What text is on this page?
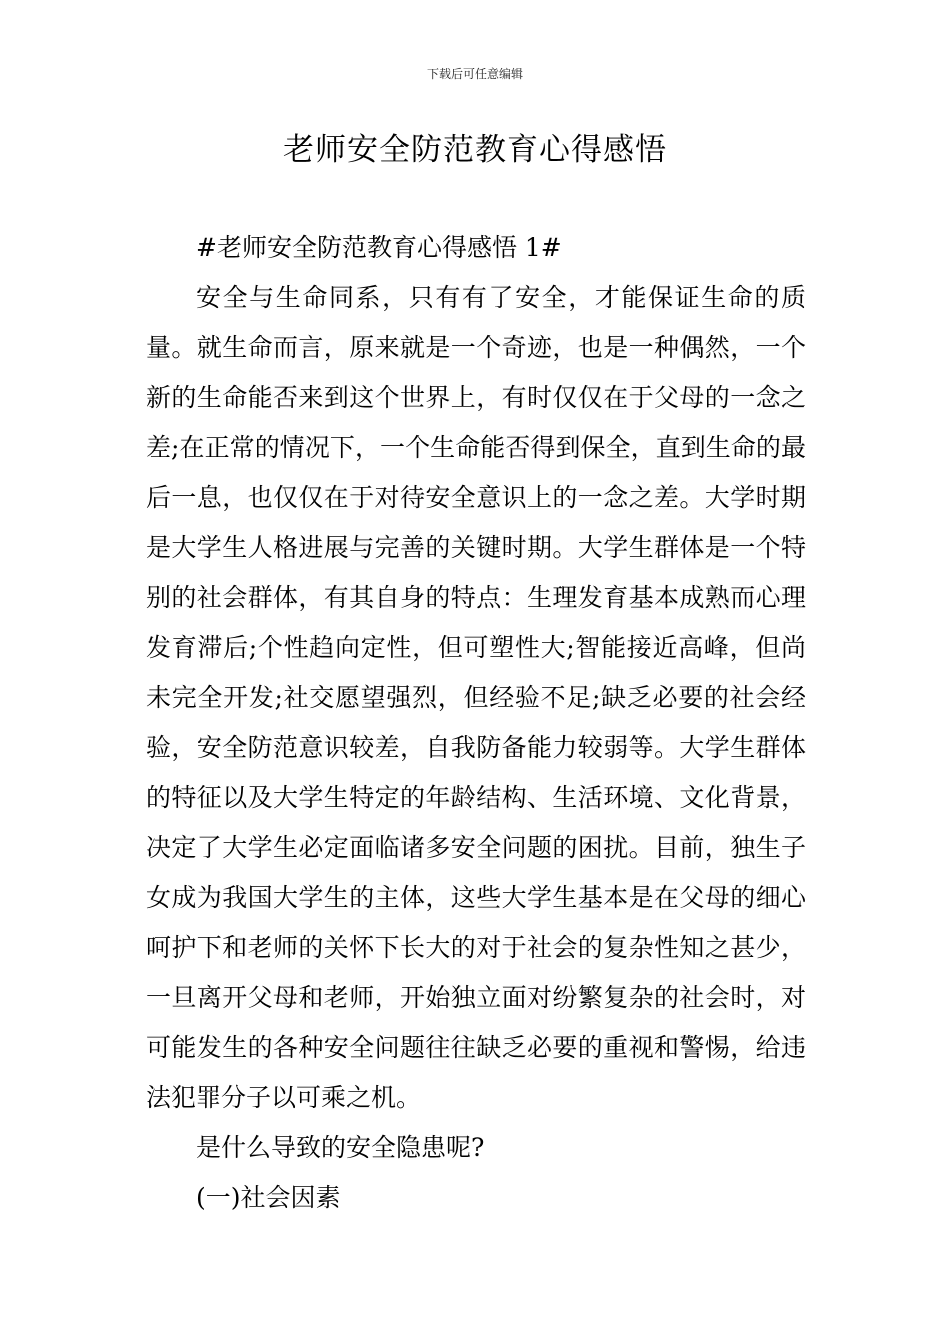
下载后可任意编辑
老师安全防范教育心得感悟

#老师安全防范教育心得感悟 1#

安全与生命同系，只有有了安全，才能保证生命的质量。就生命而言，原来就是一个奇迹，也是一种偶然，一个新的生命能否来到这个世界上，有时仅仅在于父母的一念之差;在正常的情况下，一个生命能否得到保全，直到生命的最后一息，也仅仅在于对待安全意识上的一念之差。大学时期是大学生人格进展与完善的关键时期。大学生群体是一个特别的社会群体，有其自身的特点：生理发育基本成熟而心理发育滞后;个性趋向定性，但可塑性大;智能接近高峰，但尚未完全开发;社交愿望强烈，但经验不足;缺乏必要的社会经验，安全防范意识较差，自我防备能力较弱等。大学生群体的特征以及大学生特定的年龄结构、生活环境、文化背景，决定了大学生必定面临诸多安全问题的困扰。目前，独生子女成为我国大学生的主体，这些大学生基本是在父母的细心呵护下和老师的关怀下长大的对于社会的复杂性知之甚少，一旦离开父母和老师，开始独立面对纷繁复杂的社会时，对可能发生的各种安全问题往往缺乏必要的重视和警惕，给违法犯罪分子以可乘之机。

是什么导致的安全隐患呢?

(一)社会因素
